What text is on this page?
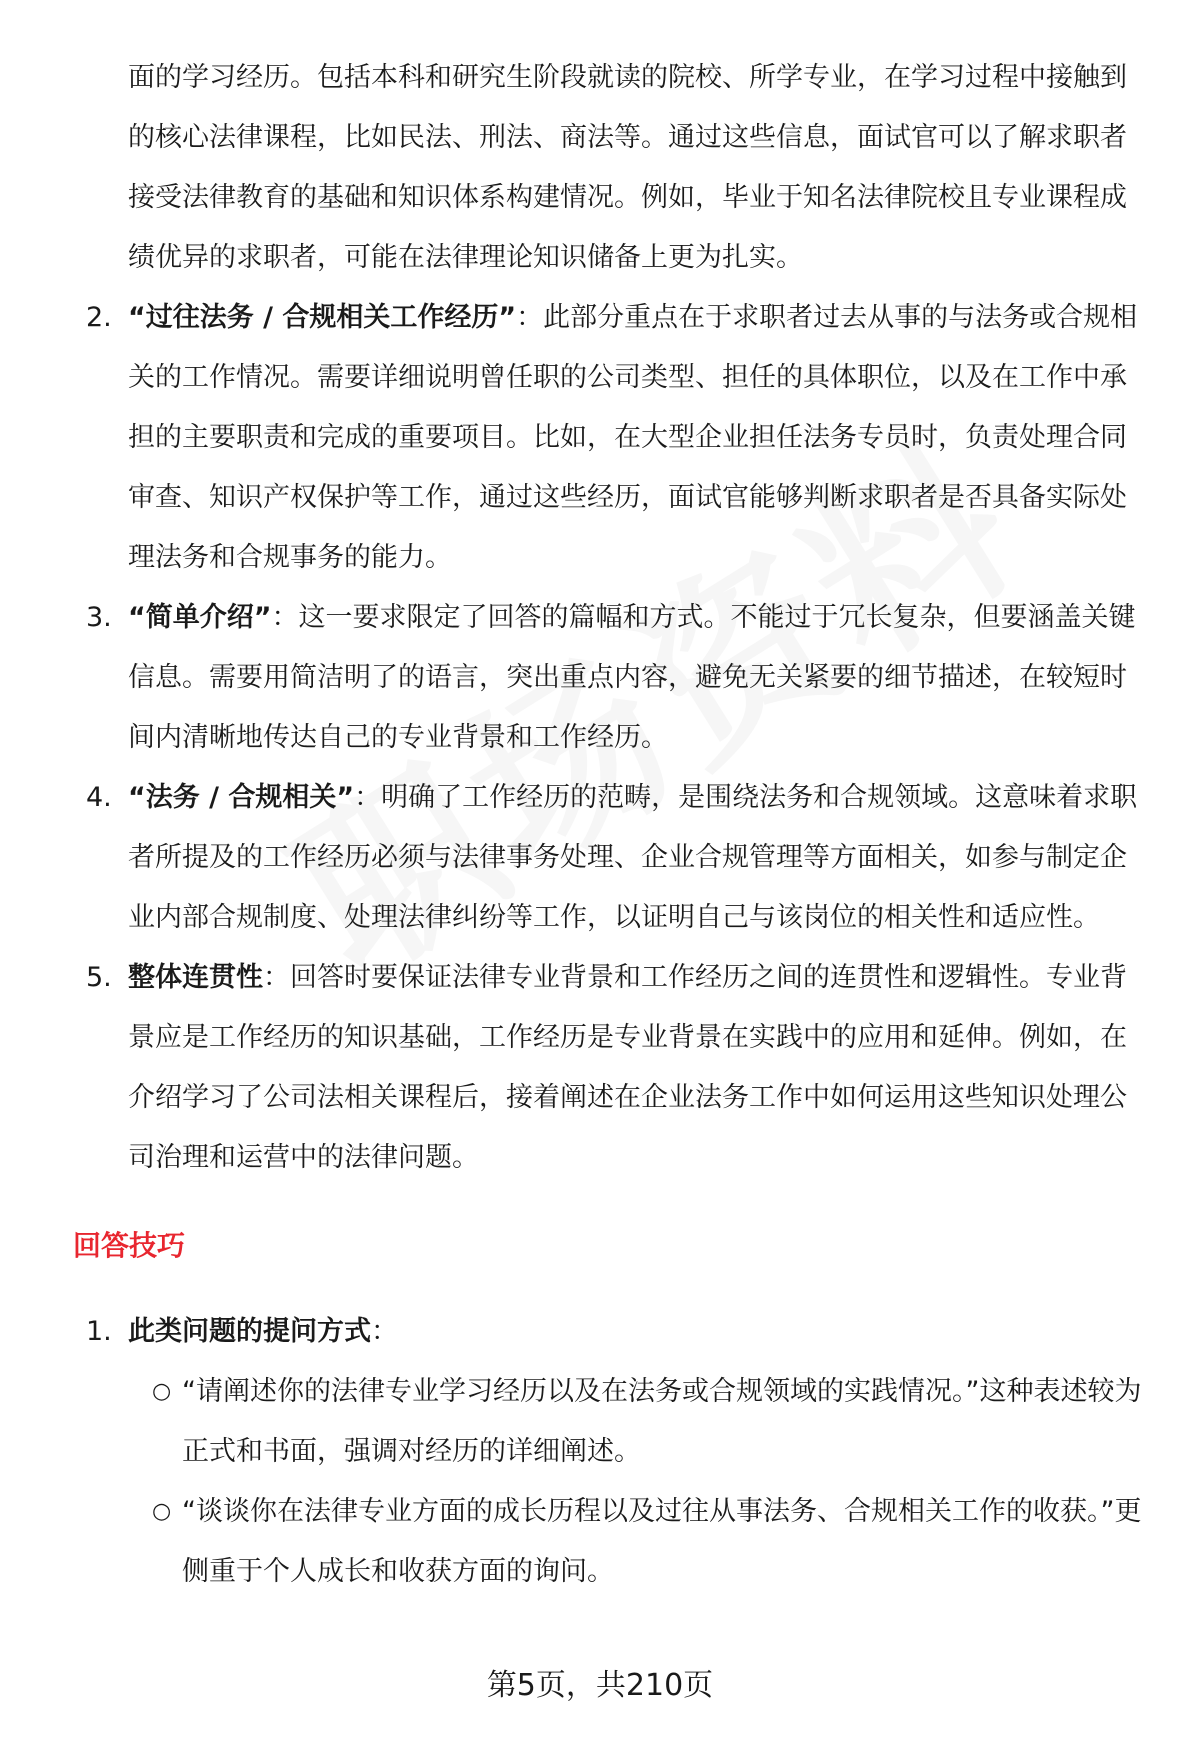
面的学习经历。包括本科和研究生阶段就读的院校、所学专业，在学习过程中接触到的核心法律课程，比如民法、刑法、商法等。通过这些信息，面试官可以了解求职者接受法律教育的基础和知识体系构建情况。例如，毕业于知名法律院校且专业课程成绩优异的求职者，可能在法律理论知识储备上更为扎实。

2. “过往法务 / 合规相关工作经历”：此部分重点在于求职者过去从事的与法务或合规相关的工作情况。需要详细说明曾任职的公司类型、担任的具体职位，以及在工作中承担的主要职责和完成的重要项目。比如，在大型企业担任法务专员时，负责处理合同审查、知识产权保护等工作，通过这些经历，面试官能够判断求职者是否具备实际处理法务和合规事务的能力。
3. “简单介绍”：这一要求限定了回答的篇幅和方式。不能过于冗长复杂，但要涵盖关键信息。需要用简洁明了的语言，突出重点内容，避免无关紧要的细节描述，在较短时间内清晰地传达自己的专业背景和工作经历。
4. “法务 / 合规相关”：明确了工作经历的范畴，是围绕法务和合规领域。这意味着求职者所提及的工作经历必须与法律事务处理、企业合规管理等方面相关，如参与制定企业内部合规制度、处理法律纠纷等工作，以证明自己与该岗位的相关性和适应性。
5. 整体连贯性：回答时要保证法律专业背景和工作经历之间的连贯性和逻辑性。专业背景应是工作经历的知识基础，工作经历是专业背景在实践中的应用和延伸。例如，在介绍学习了公司法相关课程后，接着阐述在企业法务工作中如何运用这些知识处理公司治理和运营中的法律问题。
回答技巧
1. 此类问题的提问方式：
○ “请阐述你的法律专业学习经历以及在法务或合规领域的实践情况。”这种表述较为正式和书面，强调对经历的详细阐述。
○ “谈谈你在法律专业方面的成长历程以及过往从事法务、合规相关工作的收获。”更侧重于个人成长和收获方面的询问。
第5页，共210页
